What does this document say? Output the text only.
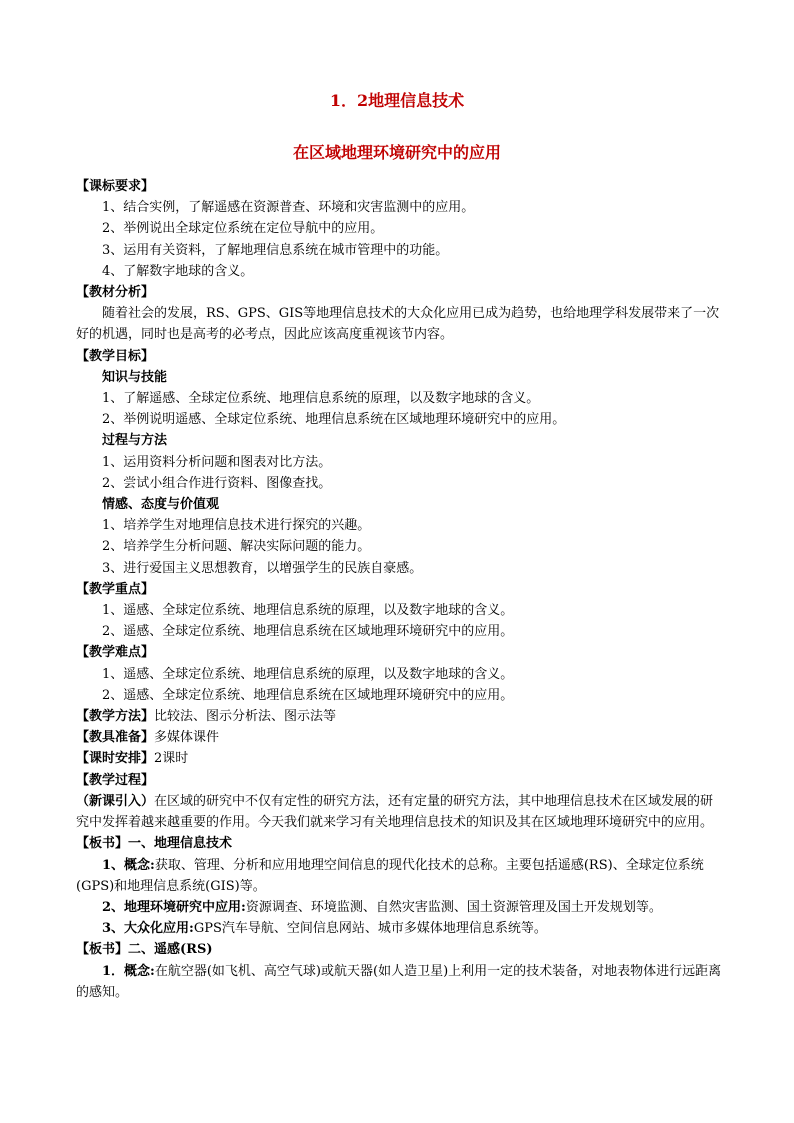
1．2地理信息技术
在区域地理环境研究中的应用

【课标要求】

1、结合实例，了解遥感在资源普查、环境和灾害监测中的应用。

2、举例说出全球定位系统在定位导航中的应用。

3、运用有关资料，了解地理信息系统在城市管理中的功能。

4、了解数字地球的含义。

【教材分析】

随着社会的发展，RS、GPS、GIS等地理信息技术的大众化应用已成为趋势，也给地理学科发展带来了一次好的机遇，同时也是高考的必考点，因此应该高度重视该节内容。

【教学目标】

知识与技能

1、了解遥感、全球定位系统、地理信息系统的原理，以及数字地球的含义。

2、举例说明遥感、全球定位系统、地理信息系统在区域地理环境研究中的应用。

过程与方法

1、运用资料分析问题和图表对比方法。

2、尝试小组合作进行资料、图像查找。

情感、态度与价值观

1、培养学生对地理信息技术进行探究的兴趣。

2、培养学生分析问题、解决实际问题的能力。

3、进行爱国主义思想教育，以增强学生的民族自豪感。

【教学重点】

1、遥感、全球定位系统、地理信息系统的原理，以及数字地球的含义。

2、遥感、全球定位系统、地理信息系统在区域地理环境研究中的应用。

【教学难点】

1、遥感、全球定位系统、地理信息系统的原理，以及数字地球的含义。

2、遥感、全球定位系统、地理信息系统在区域地理环境研究中的应用。

【教学方法】比较法、图示分析法、图示法等

【教具准备】多媒体课件

【课时安排】2课时

【教学过程】

（新课引入）在区域的研究中不仅有定性的研究方法，还有定量的研究方法，其中地理信息技术在区域发展的研究中发挥着越来越重要的作用。今天我们就来学习有关地理信息技术的知识及其在区域地理环境研究中的应用。

【板书】一、地理信息技术

1、概念:获取、管理、分析和应用地理空间信息的现代化技术的总称。主要包括遥感(RS)、全球定位系统(GPS)和地理信息系统(GIS)等。

2、地理环境研究中应用:资源调查、环境监测、自然灾害监测、国土资源管理及国土开发规划等。

3、大众化应用:GPS汽车导航、空间信息网站、城市多媒体地理信息系统等。

【板书】二、遥感(RS)

1．概念:在航空器(如飞机、高空气球)或航天器(如人造卫星)上利用一定的技术装备，对地表物体进行远距离的感知。
